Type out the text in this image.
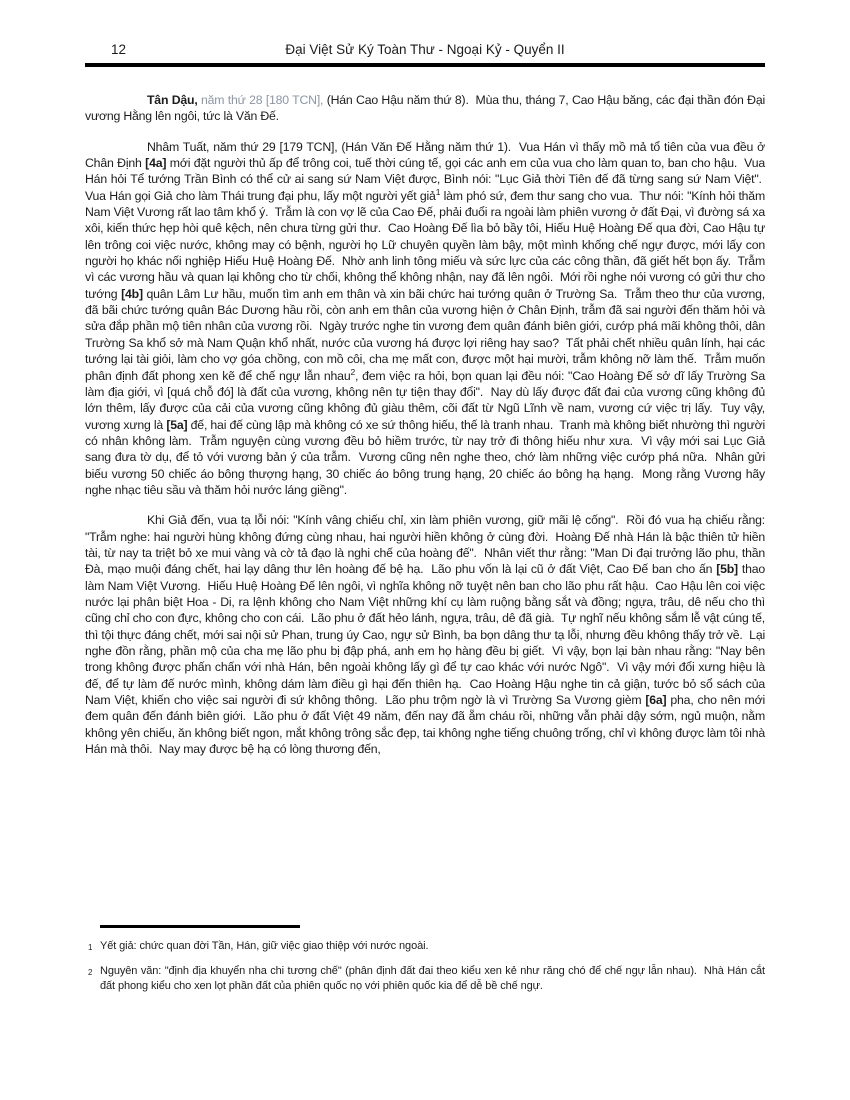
12	Đại Việt Sử Ký Toàn Thư - Ngoại Kỷ - Quyển II

Tân Dậu, năm thứ 28 [180 TCN], (Hán Cao Hậu năm thứ 8).  Mùa thu, tháng 7, Cao Hậu băng, các đại thần đón Đại vương Hằng lên ngôi, tức là Văn Đế.

Nhâm Tuất, năm thứ 29 [179 TCN], (Hán Văn Đế Hằng năm thứ 1).  Vua Hán vì thấy mồ mả tổ tiên của vua đều ở Chân Định [4a] mới đặt người thủ ấp để trông coi, tuế thời cúng tế, gọi các anh em của vua cho làm quan to, ban cho hậu.  Vua Hán hỏi Tể tướng Trần Bình có thể cử ai sang sứ Nam Việt được, Bình nói: "Lục Giả thời Tiên đế đã từng sang sứ Nam Việt".  Vua Hán gọi Giả cho làm Thái trung đại phu, lấy một người yết giả$^1$ làm phó sứ, đem thư sang cho vua.  Thư nói: "Kính hỏi thăm Nam Việt Vương rất lao tâm khổ ý.  Trẫm là con vợ lẽ của Cao Đế, phải đuổi ra ngoài làm phiên vương ở đất Đại, vì đường sá xa xôi, kiến thức hẹp hòi quê kệch, nên chưa từng gửi thư.  Cao Hoàng Đế lìa bỏ bầy tôi, Hiếu Huệ Hoàng Đế qua đời, Cao Hậu tự lên trông coi việc nước, không may có bệnh, người họ Lữ chuyên quyền làm bậy, một mình khống chế ngự được, mới lấy con người họ khác nối nghiệp Hiếu Huệ Hoàng Đế.  Nhờ anh linh tông miếu và sức lực của các công thần, đã giết hết bọn ấy.  Trẫm vì các vương hầu và quan lại không cho từ chối, không thể không nhận, nay đã lên ngôi.  Mới rồi nghe nói vương có gửi thư cho tướng [4b] quân Lâm Lư hầu, muốn tìm anh em thân và xin bãi chức hai tướng quân ở Trường Sa.  Trẫm theo thư của vương, đã bãi chức tướng quân Bác Dương hầu rồi, còn anh em thân của vương hiện ở Chân Định, trẫm đã sai người đến thăm hỏi và sửa đắp phần mộ tiên nhân của vương rồi.  Ngày trước nghe tin vương đem quân đánh biên giới, cướp phá mãi không thôi, dân Trường Sa khổ sở mà Nam Quận khổ nhất, nước của vương há được lợi riêng hay sao?  Tất phải chết nhiều quân lính, hại các tướng lại tài giỏi, làm cho vợ góa chồng, con mồ côi, cha mẹ mất con, được một hại mười, trẫm không nỡ làm thế.  Trẫm muốn phân định đất phong xen kẽ để chế ngự lẫn nhau$^2$, đem việc ra hỏi, bọn quan lại đều nói: "Cao Hoàng Đế sở dĩ lấy Trường Sa làm địa giới, vì [quá chỗ đó] là đất của vương, không nên tự tiện thay đổi".  Nay dù lấy được đất đai của vương cũng không đủ lớn thêm, lấy được của cải của vương cũng không đủ giàu thêm, cõi đất từ Ngũ Lĩnh về nam, vương cứ việc trị lấy.  Tuy vậy, vương xưng là [5a] đế, hai đế cùng lập mà không có xe sứ thông hiếu, thế là tranh nhau.  Tranh mà không biết nhường thì người có nhân không làm.  Trẫm nguyện cùng vương đều bỏ hiềm trước, từ nay trở đi thông hiếu như xưa.  Vì vậy mới sai Lục Giả sang đưa tờ dụ, để tỏ với vương bản ý của trẫm.  Vương cũng nên nghe theo, chớ làm những việc cướp phá nữa.  Nhân gửi biếu vương 50 chiếc áo bông thượng hạng, 30 chiếc áo bông trung hạng, 20 chiếc áo bông hạ hạng.  Mong rằng Vương hãy nghe nhạc tiêu sầu và thăm hỏi nước láng giềng".

Khi Giả đến, vua tạ lỗi nói: "Kính vâng chiếu chỉ, xin làm phiên vương, giữ mãi lệ cống".  Rồi đó vua hạ chiếu rằng: "Trẫm nghe: hai người hùng không đứng cùng nhau, hai người hiền không ở cùng đời.  Hoàng Đế nhà Hán là bậc thiên tử hiền tài, từ nay ta triệt bỏ xe mui vàng và cờ tả đạo là nghi chế của hoàng đế".  Nhân viết thư rằng: "Man Di đại trưởng lão phu, thần Đà, mạo muội đáng chết, hai lạy dâng thư lên hoàng đế bệ hạ.  Lão phu vốn là lại cũ ở đất Việt, Cao Đế ban cho ấn [5b] thao làm Nam Việt Vương.  Hiếu Huệ Hoàng Đế lên ngôi, vì nghĩa không nỡ tuyệt nên ban cho lão phu rất hậu.  Cao Hậu lên coi việc nước lại phân biệt Hoa - Di, ra lệnh không cho Nam Việt những khí cụ làm ruộng bằng sắt và đồng; ngựa, trâu, dê nếu cho thì cũng chỉ cho con đực, không cho con cái.  Lão phu ở đất hẻo lánh, ngựa, trâu, dê đã già.  Tự nghĩ nếu không sắm lễ vật cúng tế, thì tội thực đáng chết, mới sai nội sử Phan, trung úy Cao, ngự sử Bình, ba bọn dâng thư tạ lỗi, nhưng đều không thấy trở về.  Lại nghe đồn rằng, phần mộ của cha mẹ lão phu bị đập phá, anh em họ hàng đều bị giết.  Vì vậy, bọn lại bàn nhau rằng: "Nay bên trong không được phấn chấn với nhà Hán, bên ngoài không lấy gì để tự cao khác với nước Ngô".  Vì vậy mới đổi xưng hiệu là đế, để tự làm đế nước mình, không dám làm điều gì hại đến thiên hạ.  Cao Hoàng Hậu nghe tin cả giận, tước bỏ sổ sách của Nam Việt, khiến cho việc sai người đi sứ không thông.  Lão phu trộm ngờ là vì Trường Sa Vương gièm [6a] pha, cho nên mới đem quân đến đánh biên giới.  Lão phu ở đất Việt 49 năm, đến nay đã ẵm cháu rồi, những vẫn phải dậy sớm, ngủ muộn, nằm không yên chiếu, ăn không biết ngon, mắt không trông sắc đẹp, tai không nghe tiếng chuông trống, chỉ vì không được làm tôi nhà Hán mà thôi.  Nay may được bệ hạ có lòng thương đến,

1 Yết giả: chức quan đời Tần, Hán, giữ việc giao thiệp với nước ngoài.
2 Nguyên văn: "định địa khuyển nha chi tương chế" (phân định đất đai theo kiểu xen kẻ như răng chó để chế ngự lẫn nhau).  Nhà Hán cắt đất phong kiểu cho xen lọt phần đất của phiên quốc nọ với phiên quốc kia để dễ bề chế ngự.
